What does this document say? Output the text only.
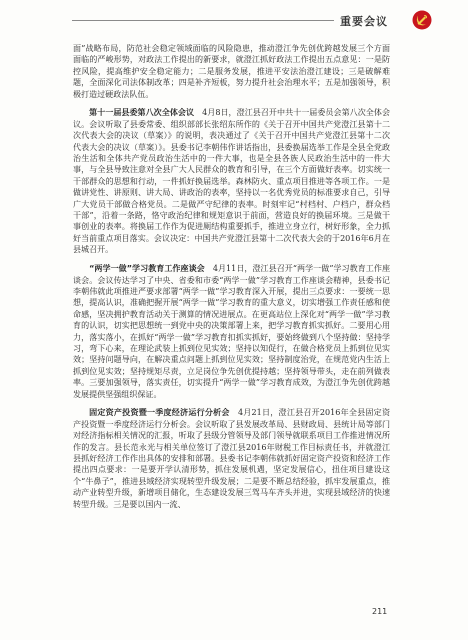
重要会议

面”战略布局，防范社会稳定领域面临的风险隐患，推动澄江争先创优跨越发展三个方面面临的严峻形势，对政法工作提出的新要求，就澄江抓好政法工作提出五点意见：一是防控风险，提高维护安全稳定能力；二是服务发展，推进平安法治澄江建设；三是破解难题，全面深化司法体制改革；四是补齐短板，努力提升社会治理水平；五是加强领导，积极打造过硬政法队伍。

第十一届县委第八次全体会议　4月8日，澄江县召开中共十一届委员会第八次全体会议。会议听取了县委常委、组织部部长张绍东所作的《关于召开中国共产党澄江县第十二次代表大会的决议（草案）》的说明，表决通过了《关于召开中国共产党澄江县第十二次代表大会的决议（草案）》。县委书记李朝伟作讲话指出，县委换届选举工作是全县全党政治生活和全体共产党员政治生活中的一件大事，也是全县各族人民政治生活中的一件大事，与全县导致注意对全县广大人民群众的教育和引导，在三个方面做好表率。切实统一干部群众的思想和行动，一件抓好换届选举。森林防火、重点项目推进等各项工作。一是做讲党性、讲原则、讲大局、讲政治的表率，坚持以一名优秀党员的标准要求自己，引导广大党员干部做合格党员。二是做严守纪律的表率。时刻牢记“村档村、户档户，群众档干部”，沿着一条路，恪守政治纪律和规矩意识于前面，营造良好的换届环境。三是做干事创业的表率。将换届工作作为促进厕结构重要抓手，推进立身立行，树好形象，全力抓好当前重点项目落实。会议决定：中国共产党澄江县第十二次代表大会的于2016年6月在县城召开。

“两学一做”学习教育工作座谈会　4月11日，澄江县召开“两学一做”学习教育工作座谈会。会议传达学习了中央、省委和市委“两学一做”学习教育工作座谈会精神，县委书记李朝伟就此项推进严要求部署“两学一做”学习教育深入开展，提出三点要求：一要统一思想，提高认识，准确把握开展“两学一做”学习教育的重大意义，切实增强工作责任感和使命感，坚决拥护教育活动关于测算的情况进展点。在更高站位上深化对“两学一做”学习教育的认识，切实把思想统一到党中央的决策部署上来，把学习教育抓实抓好。二要用心用力，落实落小，在抓好“两学一做”学习教育扣抓实抓好，要始终做到八个坚持做：坚持学习，弯下心来，在理论武装上抓到位见实效；坚持以知促行，在做合格党员上抓到位见实效；坚持问题导向，在解决重点问题上抓到位见实效；坚持制度治党，在规范党内生活上抓到位见实效；坚持规矩尽责，立足岗位争先创优提持越；坚持领导带头，走在前列做表率。三要加强领导，落实责任，切实提升“两学一做”学习教育成效，为澄江争先创优跨越发展提供坚强组织保证。

固定资产投资暨一季度经济运行分析会　4月21日，澄江县召开2016年全县固定资产投资暨一季度经济运行分析会。会议听取了县发展改革局、县财政局、县统计局等部门对经济指标相关情况的汇报，听取了县级分管领导及部门领导就联系项目工作推进情况所作的发言。县长范永光与相关单位签订了澄江县2016年财税工作目标责任书，并就澄江县抓好经济工作作出具体的安排和部署。县委书记李朝伟就抓好固定资产投资和经济工作提出四点要求：一是要开学认清形势，抓住发展机遇，坚定发展信心，扭住项目建设这个“牛鼻子”，推进县域经济实现转型升级发展；二是要不断总结经验，抓牢发展重点，推动产业转型升级，新增项目储化，生态建设发展三驾马车齐头并进，实现县域经济的快速转型升级。三是要以国内一流、

211
